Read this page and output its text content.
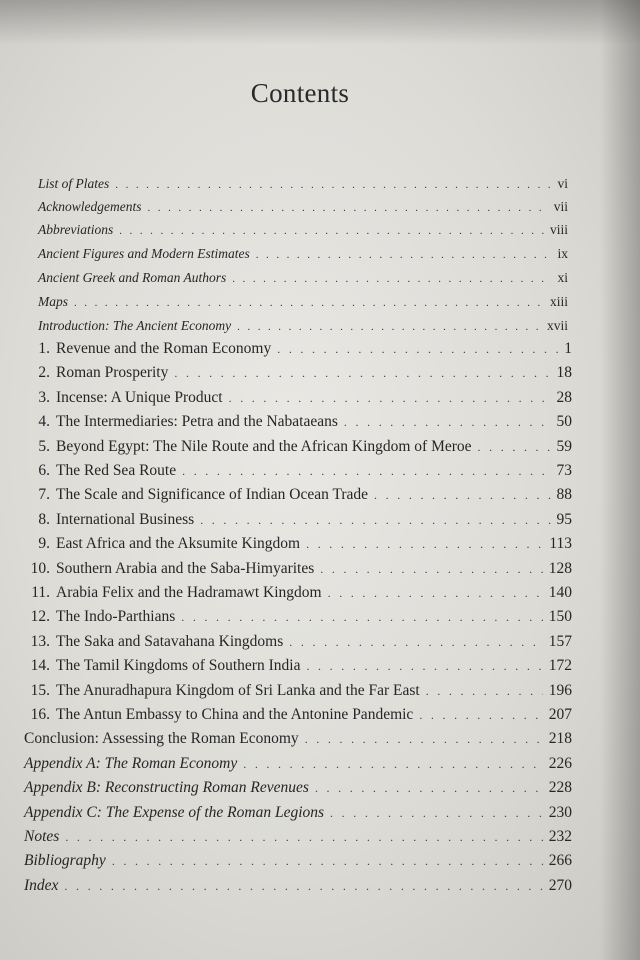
Contents
List of Plates . . .	vi
Acknowledgements . . .	vii
Abbreviations . . .	viii
Ancient Figures and Modern Estimates . . .	ix
Ancient Greek and Roman Authors . . .	xi
Maps . . .	xiii
Introduction: The Ancient Economy . . .	xvii
1. Revenue and the Roman Economy . . .	1
2. Roman Prosperity . . .	18
3. Incense: A Unique Product . . .	28
4. The Intermediaries: Petra and the Nabataeans . . .	50
5. Beyond Egypt: The Nile Route and the African Kingdom of Meroe . . .	59
6. The Red Sea Route . . .	73
7. The Scale and Significance of Indian Ocean Trade . . .	88
8. International Business . . .	95
9. East Africa and the Aksumite Kingdom . . .	113
10. Southern Arabia and the Saba-Himyarites . . .	128
11. Arabia Felix and the Hadramawt Kingdom . . .	140
12. The Indo-Parthians . . .	150
13. The Saka and Satavahana Kingdoms . . .	157
14. The Tamil Kingdoms of Southern India . . .	172
15. The Anuradhapura Kingdom of Sri Lanka and the Far East . . .	196
16. The Antun Embassy to China and the Antonine Pandemic . . .	207
Conclusion: Assessing the Roman Economy . . .	218
Appendix A: The Roman Economy . . .	226
Appendix B: Reconstructing Roman Revenues . . .	228
Appendix C: The Expense of the Roman Legions . . .	230
Notes . . .	232
Bibliography . . .	266
Index . . .	270
